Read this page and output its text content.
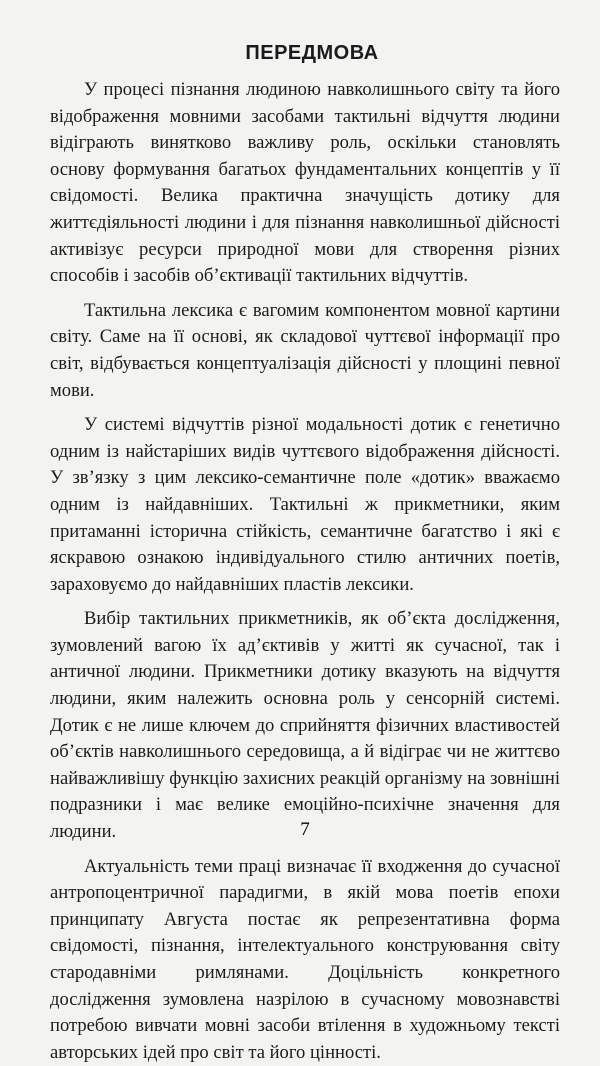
ПЕРЕДМОВА

У процесі пізнання людиною навколишнього світу та його відображення мовними засобами тактильні відчуття людини відіграють винятково важливу роль, оскільки становлять основу формування багатьох фундаментальних концептів у її свідомості. Велика практична значущість дотику для життєдіяльності людини і для пізнання навколишньої дійсності активізує ресурси природної мови для створення різних способів і засобів об’єктивації тактильних відчуттів.

Тактильна лексика є вагомим компонентом мовної картини світу. Саме на її основі, як складової чуттєвої інформації про світ, відбувається концептуалізація дійсності у площині певної мови.

У системі відчуттів різної модальності дотик є генетично одним із найстаріших видів чуттєвого відображення дійсності. У зв’язку з цим лексико-семантичне поле «дотик» вважаємо одним із найдавніших. Тактильні ж прикметники, яким притаманні історична стійкість, семантичне багатство і які є яскравою ознакою індивідуального стилю античних поетів, зараховуємо до найдавніших пластів лексики.

Вибір тактильних прикметників, як об’єкта дослідження, зумовлений вагою їх ад’єктивів у житті як сучасної, так і античної людини. Прикметники дотику вказують на відчуття людини, яким належить основна роль у сенсорній системі. Дотик є не лише ключем до сприйняття фізичних властивостей об’єктів навколишнього середовища, а й відіграє чи не життєво найважливішу функцію захисних реакцій організму на зовнішні подразники і має велике емоційно-психічне значення для людини.

Актуальність теми праці визначає її входження до сучасної антропоцентричної парадигми, в якій мова поетів епохи принципату Августа постає як репрезентативна форма свідомості, пізнання, інтелектуального конструювання світу стародавніми римлянами. Доцільність конкретного дослідження зумовлена назрілою в сучасному мовознавстві потребою вивчати мовні засоби втілення в художньому тексті авторських ідей про світ та його цінності.

7
